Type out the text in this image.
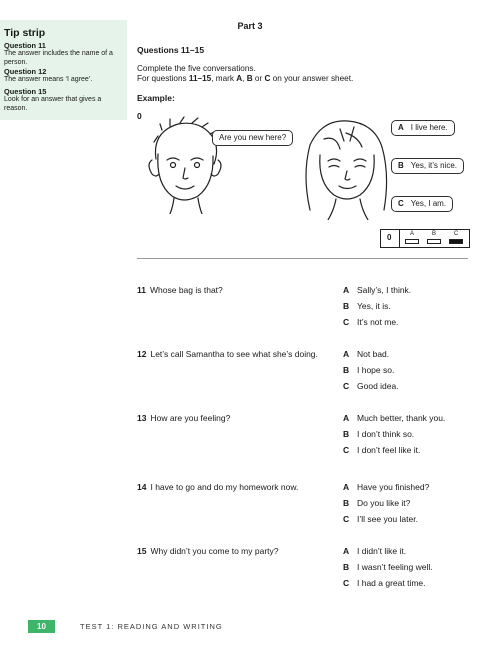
Tip strip
Question 11
The answer includes the name of a person.
Question 12
The answer means ‘I agree’.
Question 15
Look for an answer that gives a reason.
Part 3
Questions 11–15
Complete the five conversations.
For questions 11–15, mark A, B or C on your answer sheet.
Example:
0
Are you new here?
A I live here.
B Yes, it’s nice.
C Yes, I am.
0	A	B	C
11 Whose bag is that?	A Sally’s, I think.
B Yes, it is.
C It’s not me.
12 Let’s call Samantha to see what she’s doing.	A Not bad.
B I hope so.
C Good idea.
13 How are you feeling?	A Much better, thank you.
B I don’t think so.
C I don’t feel like it.
14 I have to go and do my homework now.	A Have you finished?
B Do you like it?
C I’ll see you later.
15 Why didn’t you come to my party?	A I didn’t like it.
B I wasn’t feeling well.
C I had a great time.
10	TEST 1: READING AND WRITING
